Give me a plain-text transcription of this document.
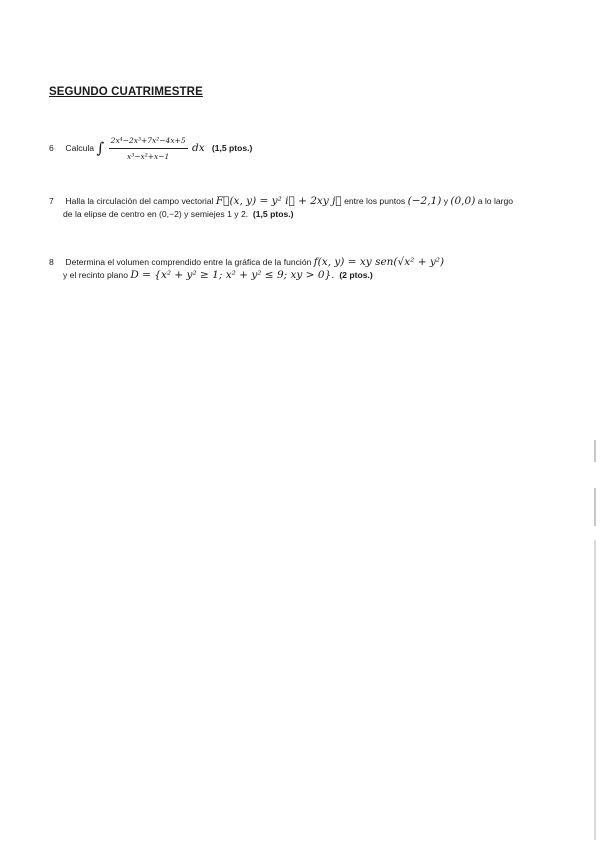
SEGUNDO CUATRIMESTRE
6 Calcula ∫ $\frac{\text{2x⁴−2x³+7x²−4x+5}}{\text{x³−x²+x−1}}$ dx (1,5 ptos.)
7 Halla la circulación del campo vectorial F⃗(x, y) = y² i⃗ + 2xy j⃗ entre los puntos (−2,1) y (0,0) a lo largo
de la elipse de centro en (0,−2) y semiejes 1 y 2. (1,5 ptos.)
8 Determina el volumen comprendido entre la gráfica de la función f(x, y) = xy sen(√x² + y²)
y el recinto plano D = {x² + y² ≥ 1; x² + y² ≤ 9; xy > 0}. (2 ptos.)
